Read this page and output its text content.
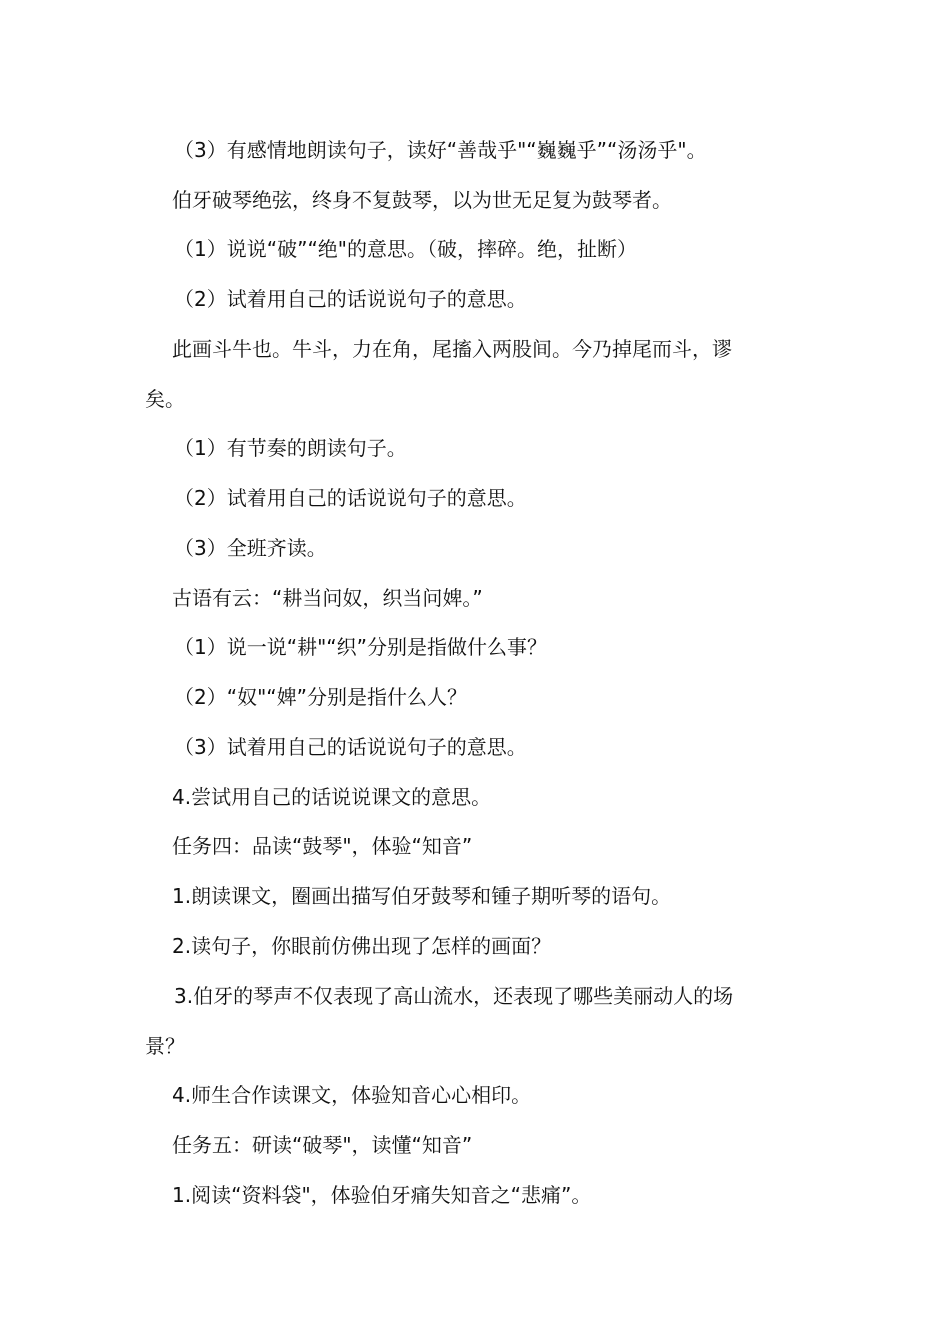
（3）有感情地朗读句子，读好“善哉乎"“巍巍乎”“汤汤乎"。
伯牙破琴绝弦，终身不复鼓琴，以为世无足复为鼓琴者。
（1）说说“破”“绝"的意思。（破，摔碎。绝，扯断）
（2）试着用自己的话说说句子的意思。
此画斗牛也。牛斗，力在角，尾搐入两股间。今乃掉尾而斗，谬
矣。
（1）有节奏的朗读句子。
（2）试着用自己的话说说句子的意思。
（3）全班齐读。
古语有云：“耕当问奴，织当问婢。”
（1）说一说“耕"“织”分别是指做什么事？
（2）“奴"“婢”分别是指什么人？
（3）试着用自己的话说说句子的意思。
4.尝试用自己的话说说课文的意思。
任务四：品读“鼓琴"，体验“知音”
1.朗读课文，圈画出描写伯牙鼓琴和锺子期听琴的语句。
2.读句子，你眼前仿佛出现了怎样的画面？
3.伯牙的琴声不仅表现了高山流水，还表现了哪些美丽动人的场
景？
4.师生合作读课文，体验知音心心相印。
任务五：研读“破琴"，读懂“知音”
1.阅读“资料袋"，体验伯牙痛失知音之“悲痛”。
